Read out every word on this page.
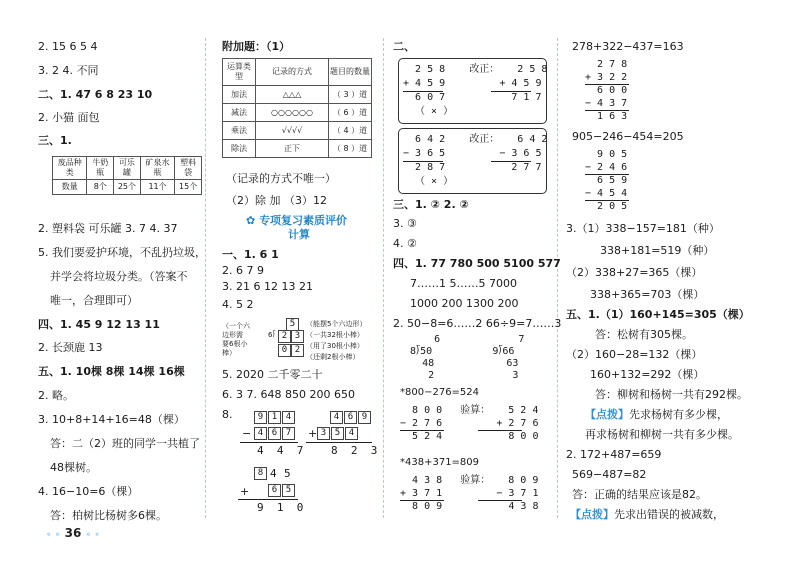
2. 15 6 5 4
3. 2 4. 不同
二、1. 47 6 8 23 10
2. 小猫 面包
三、1.
废品种类	牛奶瓶	可乐罐	矿泉水瓶	塑料袋
数量	8个	25个	11个	15个
2. 塑料袋 可乐罐 3. 7 4. 37
5. 我们要爱护环境，不乱扔垃圾，
并学会将垃圾分类。（答案不
唯一，合理即可）
四、1. 45 9 12 13 11
2. 长颈鹿 13
五、1. 10棵 8棵 14棵 16棵
2. 略。
3. 10+8+14+16=48（棵）
答：二（2）班的同学一共植了
48棵树。
4. 16−10=6（棵）
答：柏树比杨树多6棵。
∘ ∘ 36 ∘ ∘
附加题：（1）
运算类型	记录的方式	题目的数量
加法	△△△	（ 3 ）道
减法	○○○○○○	（ 6 ）道
乘法	√√√√	（ 4 ）道
除法	正下	（ 8 ）道
（记录的方式不唯一）
（2）除 加 （3）12
✿ 专项复习素质评价
计算
一、1. 6 1
2. 6 7 9
3. 21 6 12 13 21
4. 5 2
（一个六
边形需
要6根小
棒）
5
6⟌ 2 3
0 2
（能摆5个六边形）
（一共32根小棒）
（用了30根小棒）
（还剩2根小棒）
5. 2020 二千零二十
6. 3 7. 648 850 200 650
8.	9 1 4
− 4 6 7
4  4  7
4 6 9
+ 3 5 4
8  2  3
8 4 5
+	6 5
9  1  0
二、
2 5 8    改正：   2 5 8
+ 4 5 9         + 4 5 9
6 0 7           7 1 7
（ × ）
6 4 2    改正：   6 4 2
− 3 6 5         − 3 6 5
2 8 7           2 7 7
（ × ）
三、1. ② 2. ②
3. ③
4. ②
四、1. 77 780 500 5100 577
7……1 5……5 7000
1000 200 1300 200
2. 50−8=6……2 66÷9=7……3
6             7
8⟌50          9⟌66
48            63
2             3
*800−276=524
8 0 0   验算：   5 2 4
− 2 7 6         + 2 7 6
5 2 4           8 0 0
*438+371=809
4 3 8   验算：   8 0 9
+ 3 7 1         − 3 7 1
8 0 9           4 3 8
278+322−437=163
2 7 8
+ 3 2 2
6 0 0
− 4 3 7
1 6 3
905−246−454=205
9 0 5
− 2 4 6
6 5 9
− 4 5 4
2 0 5
3.（1）338−157=181（种）
338+181=519（种）
（2）338+27=365（棵）
338+365=703（棵）
五、1.（1）160+145=305（棵）
答：松树有305棵。
（2）160−28=132（棵）
160+132=292（棵）
答：柳树和杨树一共有292棵。
【点拨】先求杨树有多少棵，
再求杨树和柳树一共有多少棵。
2. 172+487=659
569−487=82
答：正确的结果应该是82。
【点拨】先求出错误的被减数，
